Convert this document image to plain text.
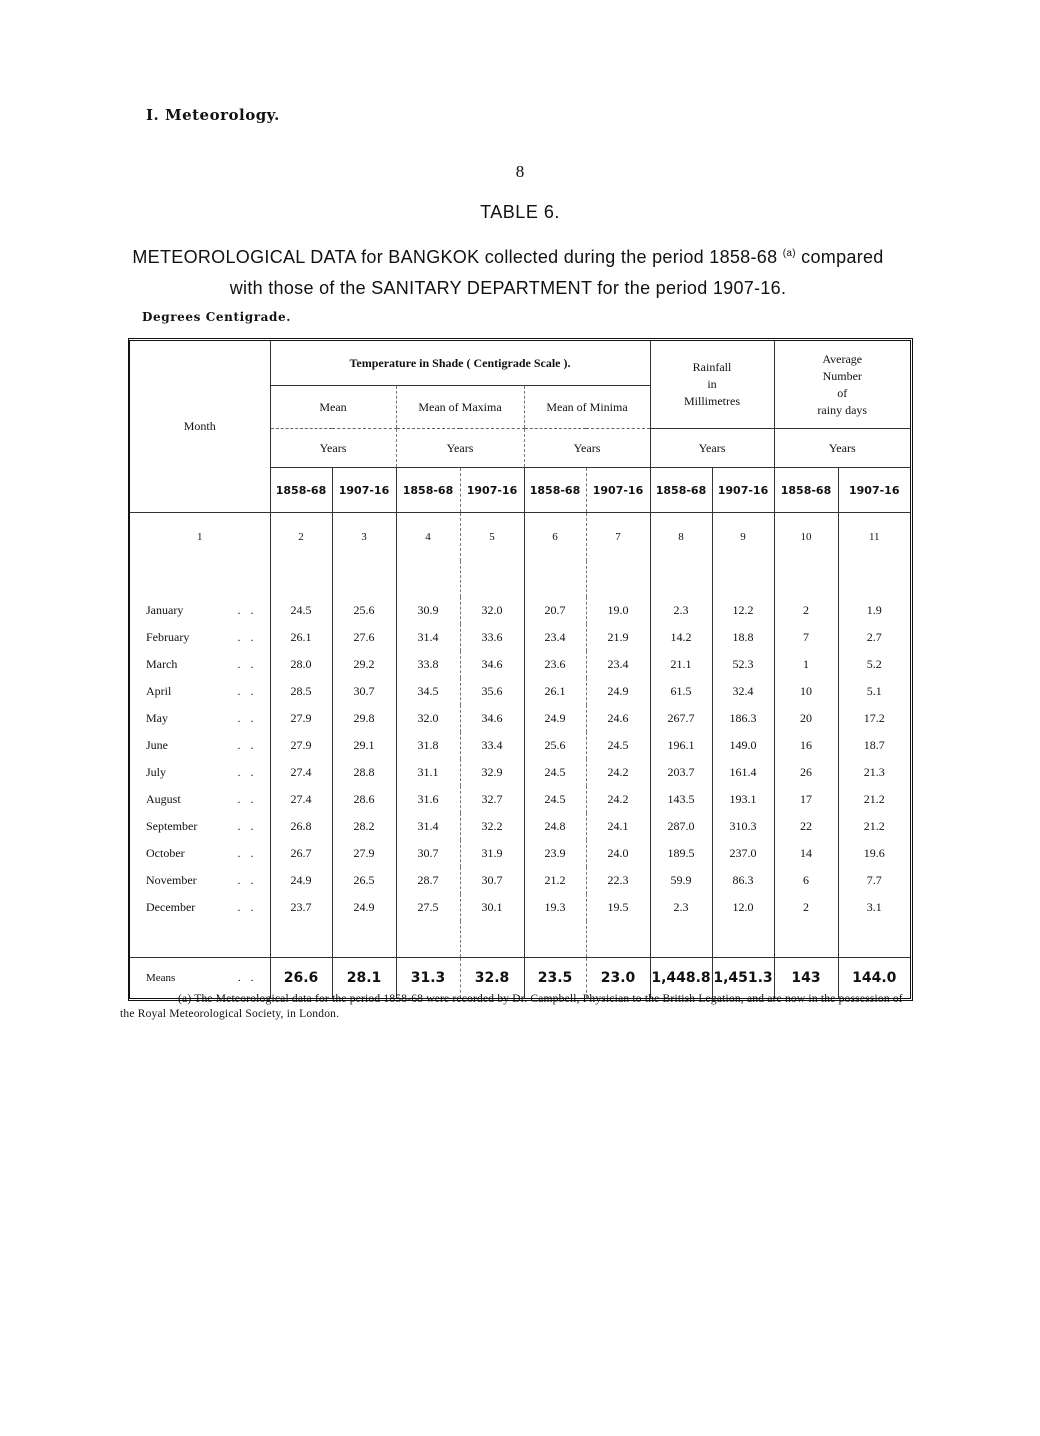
I. Meteorology.
8
TABLE 6.
METEOROLOGICAL DATA for BANGKOK collected during the period 1858-68 $^{(a)}$ compared
with those of the SANITARY DEPARTMENT for the period 1907-16.
Degrees Centigrade.
Month	Temperature in Shade ( Centigrade Scale ).						Rainfall
in
Millimetres		Average
Number
of
rainy days	
	Mean		Mean of Maxima		Mean of Minima					
	Years		Years		Years		Years		Years	
	1858-68	1907-16	1858-68	1907-16	1858-68	1907-16	1858-68	1907-16	1858-68	1907-16
1	2	3	4	5	6	7	8	9	10	11

January ..	24.5	25.6	30.9	32.0	20.7	19.0	2.3	12.2	2	1.9
February ..	26.1	27.6	31.4	33.6	23.4	21.9	14.2	18.8	7	2.7
March ..	28.0	29.2	33.8	34.6	23.6	23.4	21.1	52.3	1	5.2
April ..	28.5	30.7	34.5	35.6	26.1	24.9	61.5	32.4	10	5.1
May ..	27.9	29.8	32.0	34.6	24.9	24.6	267.7	186.3	20	17.2
June ..	27.9	29.1	31.8	33.4	25.6	24.5	196.1	149.0	16	18.7
July ..	27.4	28.8	31.1	32.9	24.5	24.2	203.7	161.4	26	21.3
August ..	27.4	28.6	31.6	32.7	24.5	24.2	143.5	193.1	17	21.2
September ..	26.8	28.2	31.4	32.2	24.8	24.1	287.0	310.3	22	21.2
October ..	26.7	27.9	30.7	31.9	23.9	24.0	189.5	237.0	14	19.6
November ..	24.9	26.5	28.7	30.7	21.2	22.3	59.9	86.3	6	7.7
December ..	23.7	24.9	27.5	30.1	19.3	19.5	2.3	12.0	2	3.1

Means ..	26.6	28.1	31.3	32.8	23.5	23.0	1,448.8	1,451.3	143	144.0
(a) The Meteorological data for the period 1858-68 were recorded by Dr. Campbell, Physician to the British Legation, and are now in the possession of the Royal Meteorological Society, in London.
